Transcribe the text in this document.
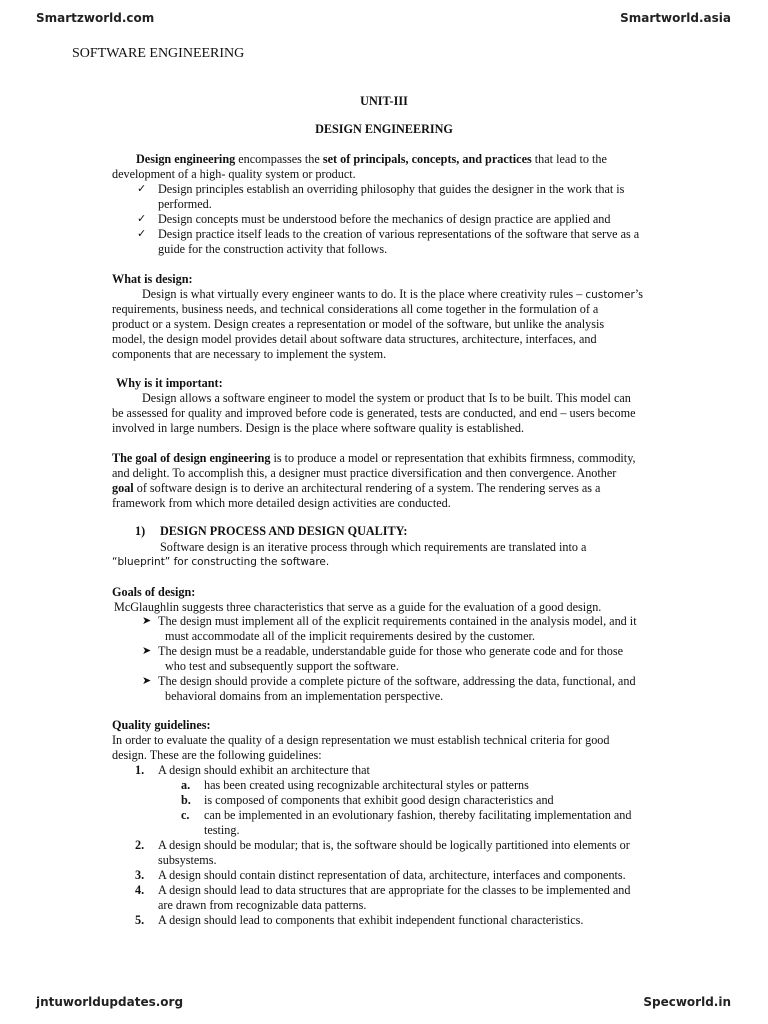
Smartzworld.com	Smartworld.asia
jntuworldupdates.org	Specworld.in
SOFTWARE ENGINEERING
UNIT-III
DESIGN ENGINEERING
Design engineering encompasses the set of principals, concepts, and practices that lead to the
development of a high- quality system or product.
✓ Design principles establish an overriding philosophy that guides the designer in the work that is
performed.
✓ Design concepts must be understood before the mechanics of design practice are applied and
✓ Design practice itself leads to the creation of various representations of the software that serve as a
guide for the construction activity that follows.
What is design:
Design is what virtually every engineer wants to do. It is the place where creativity rules – customer’s
requirements, business needs, and technical considerations all come together in the formulation of a
product or a system. Design creates a representation or model of the software, but unlike the analysis
model, the design model provides detail about software data structures, architecture, interfaces, and
components that are necessary to implement the system.
Why is it important:
Design allows a software engineer to model the system or product that Is to be built. This model can
be assessed for quality and improved before code is generated, tests are conducted, and end – users become
involved in large numbers. Design is the place where software quality is established.
The goal of design engineering is to produce a model or representation that exhibits firmness, commodity,
and delight. To accomplish this, a designer must practice diversification and then convergence. Another
goal of software design is to derive an architectural rendering of a system. The rendering serves as a
framework from which more detailed design activities are conducted.
1) DESIGN PROCESS AND DESIGN QUALITY:
Software design is an iterative process through which requirements are translated into a
“blueprint” for constructing the software.
Goals of design:
McGlaughlin suggests three characteristics that serve as a guide for the evaluation of a good design.
➤ The design must implement all of the explicit requirements contained in the analysis model, and it
must accommodate all of the implicit requirements desired by the customer.
➤ The design must be a readable, understandable guide for those who generate code and for those
who test and subsequently support the software.
➤ The design should provide a complete picture of the software, addressing the data, functional, and
behavioral domains from an implementation perspective.
Quality guidelines:
In order to evaluate the quality of a design representation we must establish technical criteria for good
design. These are the following guidelines:
1. A design should exhibit an architecture that
a. has been created using recognizable architectural styles or patterns
b. is composed of components that exhibit good design characteristics and
c. can be implemented in an evolutionary fashion, thereby facilitating implementation and
testing.
2. A design should be modular; that is, the software should be logically partitioned into elements or
subsystems.
3. A design should contain distinct representation of data, architecture, interfaces and components.
4. A design should lead to data structures that are appropriate for the classes to be implemented and
are drawn from recognizable data patterns.
5. A design should lead to components that exhibit independent functional characteristics.
